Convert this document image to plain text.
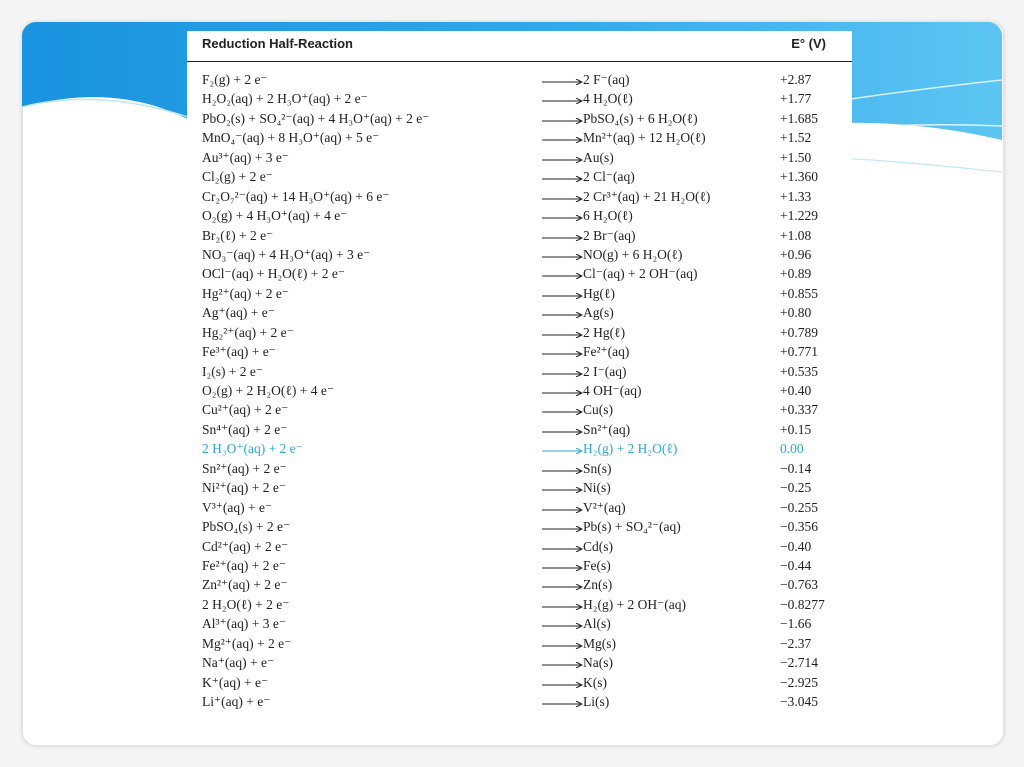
Reduction Half-Reaction	E° (V)
F₂(g) + 2 e⁻	→ 2 F⁻(aq)	+2.87
H₂O₂(aq) + 2 H₃O⁺(aq) + 2 e⁻	→ 4 H₂O(ℓ)	+1.77
PbO₂(s) + SO₄²⁻(aq) + 4 H₃O⁺(aq) + 2 e⁻	→ PbSO₄(s) + 6 H₂O(ℓ)	+1.685
MnO₄⁻(aq) + 8 H₃O⁺(aq) + 5 e⁻	→ Mn²⁺(aq) + 12 H₂O(ℓ)	+1.52
Au³⁺(aq) + 3 e⁻	→ Au(s)	+1.50
Cl₂(g) + 2 e⁻	→ 2 Cl⁻(aq)	+1.360
Cr₂O₇²⁻(aq) + 14 H₃O⁺(aq) + 6 e⁻	→ 2 Cr³⁺(aq) + 21 H₂O(ℓ)	+1.33
O₂(g) + 4 H₃O⁺(aq) + 4 e⁻	→ 6 H₂O(ℓ)	+1.229
Br₂(ℓ) + 2 e⁻	→ 2 Br⁻(aq)	+1.08
NO₃⁻(aq) + 4 H₃O⁺(aq) + 3 e⁻	→ NO(g) + 6 H₂O(ℓ)	+0.96
OCl⁻(aq) + H₂O(ℓ) + 2 e⁻	→ Cl⁻(aq) + 2 OH⁻(aq)	+0.89
Hg²⁺(aq) + 2 e⁻	→ Hg(ℓ)	+0.855
Ag⁺(aq) + e⁻	→ Ag(s)	+0.80
Hg₂²⁺(aq) + 2 e⁻	→ 2 Hg(ℓ)	+0.789
Fe³⁺(aq) + e⁻	→ Fe²⁺(aq)	+0.771
I₂(s) + 2 e⁻	→ 2 I⁻(aq)	+0.535
O₂(g) + 2 H₂O(ℓ) + 4 e⁻	→ 4 OH⁻(aq)	+0.40
Cu²⁺(aq) + 2 e⁻	→ Cu(s)	+0.337
Sn⁴⁺(aq) + 2 e⁻	→ Sn²⁺(aq)	+0.15
2 H₃O⁺(aq) + 2 e⁻	→ H₂(g) + 2 H₂O(ℓ)	0.00
Sn²⁺(aq) + 2 e⁻	→ Sn(s)	−0.14
Ni²⁺(aq) + 2 e⁻	→ Ni(s)	−0.25
V³⁺(aq) + e⁻	→ V²⁺(aq)	−0.255
PbSO₄(s) + 2 e⁻	→ Pb(s) + SO₄²⁻(aq)	−0.356
Cd²⁺(aq) + 2 e⁻	→ Cd(s)	−0.40
Fe²⁺(aq) + 2 e⁻	→ Fe(s)	−0.44
Zn²⁺(aq) + 2 e⁻	→ Zn(s)	−0.763
2 H₂O(ℓ) + 2 e⁻	→ H₂(g) + 2 OH⁻(aq)	−0.8277
Al³⁺(aq) + 3 e⁻	→ Al(s)	−1.66
Mg²⁺(aq) + 2 e⁻	→ Mg(s)	−2.37
Na⁺(aq) + e⁻	→ Na(s)	−2.714
K⁺(aq) + e⁻	→ K(s)	−2.925
Li⁺(aq) + e⁻	→ Li(s)	−3.045
